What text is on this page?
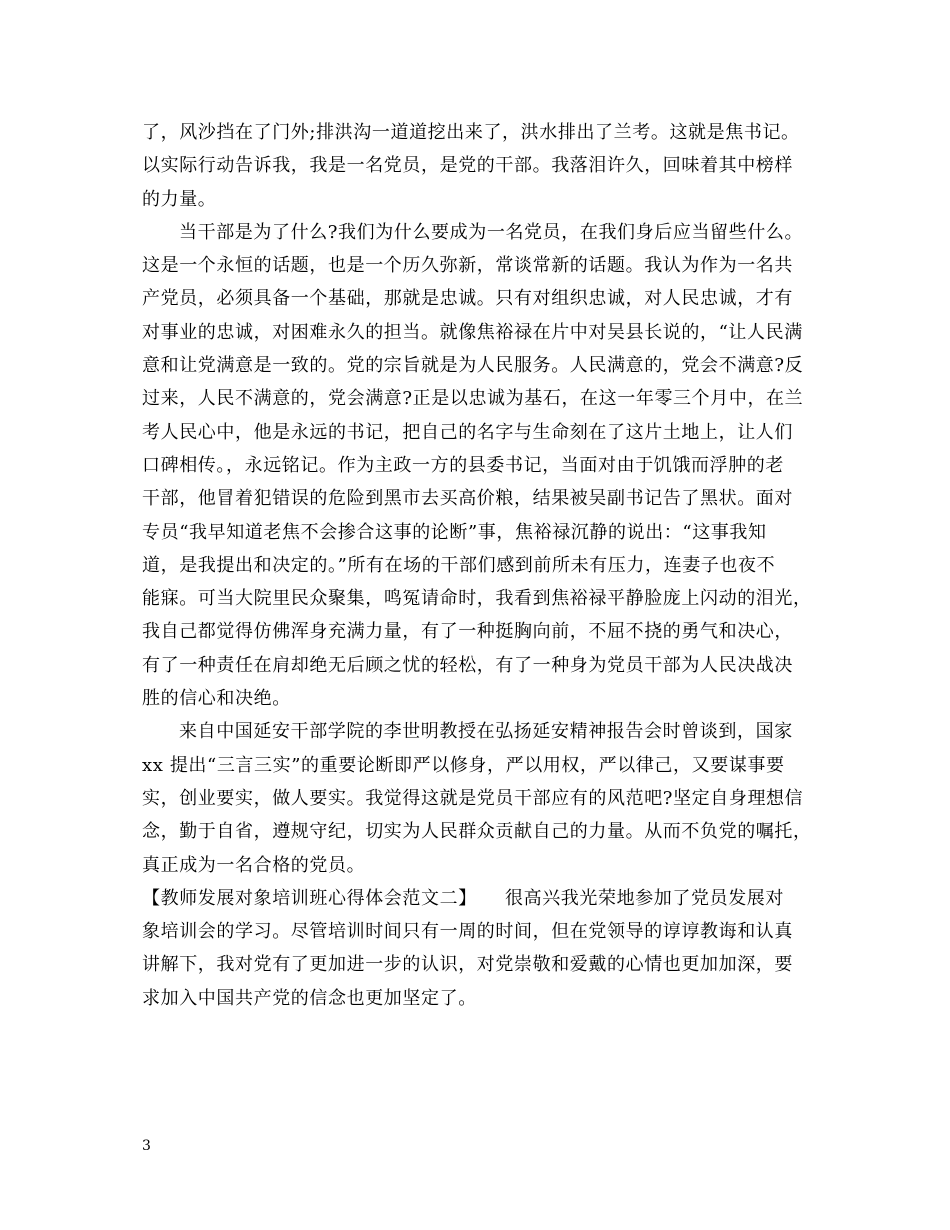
了，风沙挡在了门外;排洪沟一道道挖出来了，洪水排出了兰考。这就是焦书记。
以实际行动告诉我，我是一名党员，是党的干部。我落泪许久，回味着其中榜样
的力量。

当干部是为了什么?我们为什么要成为一名党员，在我们身后应当留些什么。
这是一个永恒的话题，也是一个历久弥新，常谈常新的话题。我认为作为一名共
产党员，必须具备一个基础，那就是忠诚。只有对组织忠诚，对人民忠诚，才有
对事业的忠诚，对困难永久的担当。就像焦裕禄在片中对吴县长说的，“让人民满
意和让党满意是一致的。党的宗旨就是为人民服务。人民满意的，党会不满意?反
过来，人民不满意的，党会满意?正是以忠诚为基石，在这一年零三个月中，在兰
考人民心中，他是永远的书记，把自己的名字与生命刻在了这片土地上，让人们
口碑相传。，永远铭记。作为主政一方的县委书记，当面对由于饥饿而浮肿的老
干部，他冒着犯错误的危险到黑市去买高价粮，结果被吴副书记告了黑状。面对
专员“我早知道老焦不会掺合这事的论断”事，焦裕禄沉静的说出：“这事我知
道，是我提出和决定的。”所有在场的干部们感到前所未有压力，连妻子也夜不
能寐。可当大院里民众聚集，鸣冤请命时，我看到焦裕禄平静脸庞上闪动的泪光，
我自己都觉得仿佛浑身充满力量，有了一种挺胸向前，不屈不挠的勇气和决心，
有了一种责任在肩却绝无后顾之忧的轻松，有了一种身为党员干部为人民决战决
胜的信心和决绝。

来自中国延安干部学院的李世明教授在弘扬延安精神报告会时曾谈到，国家
xx 提出“三言三实”的重要论断即严以修身，严以用权，严以律己，又要谋事要
实，创业要实，做人要实。我觉得这就是党员干部应有的风范吧?坚定自身理想信
念，勤于自省，遵规守纪，切实为人民群众贡献自己的力量。从而不负党的嘱托，
真正成为一名合格的党员。

【教师发展对象培训班心得体会范文二】　　很高兴我光荣地参加了党员发展对
象培训会的学习。尽管培训时间只有一周的时间，但在党领导的谆谆教诲和认真
讲解下，我对党有了更加进一步的认识，对党崇敬和爱戴的心情也更加加深，要
求加入中国共产党的信念也更加坚定了。

3
